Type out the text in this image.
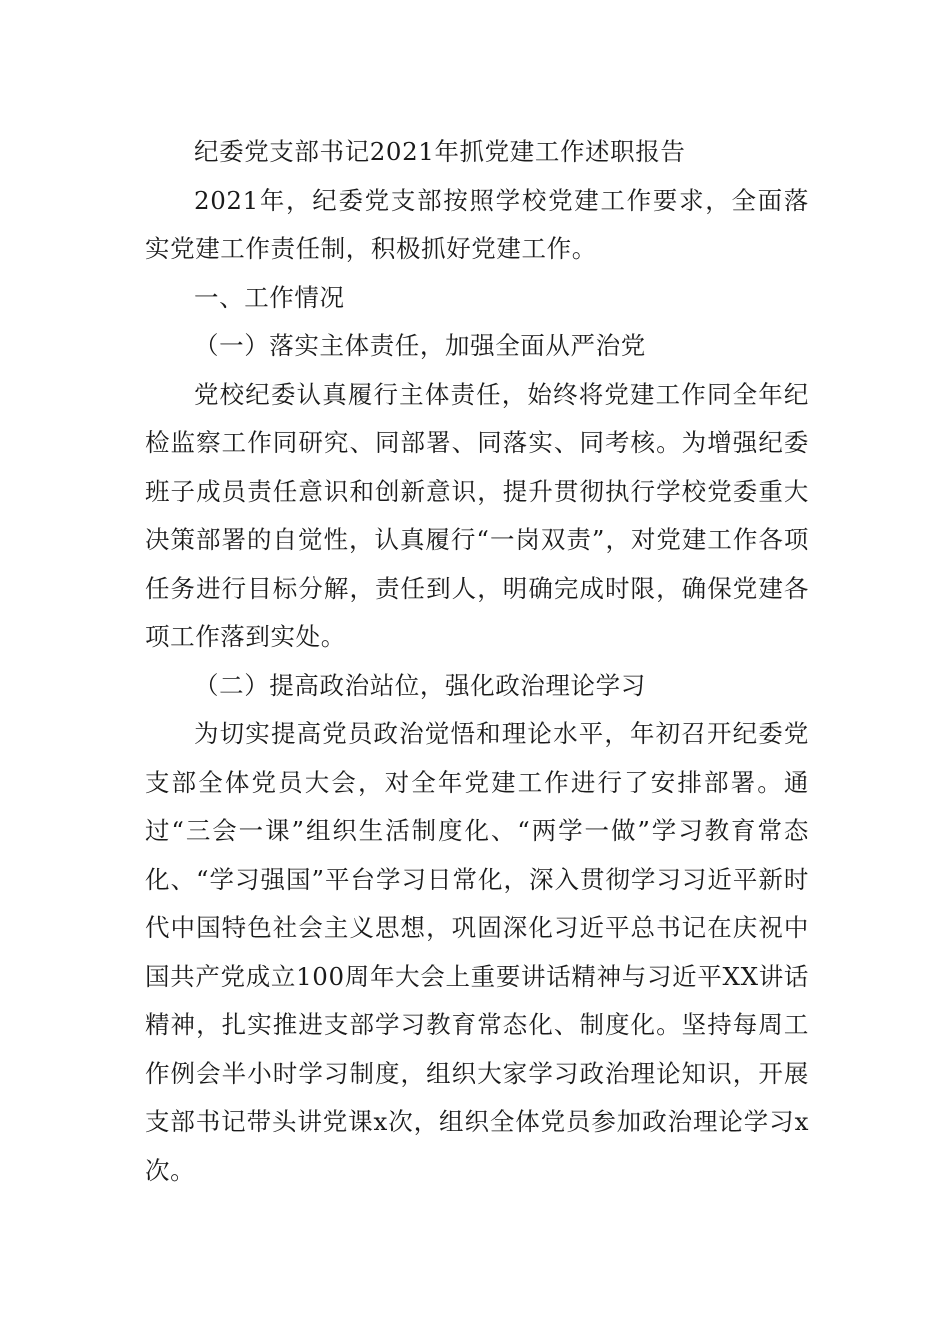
纪委党支部书记2021年抓党建工作述职报告

2021年，纪委党支部按照学校党建工作要求，全面落实党建工作责任制，积极抓好党建工作。

一、工作情况

（一）落实主体责任，加强全面从严治党

党校纪委认真履行主体责任，始终将党建工作同全年纪检监察工作同研究、同部署、同落实、同考核。为增强纪委班子成员责任意识和创新意识，提升贯彻执行学校党委重大决策部署的自觉性，认真履行“一岗双责”，对党建工作各项任务进行目标分解，责任到人，明确完成时限，确保党建各项工作落到实处。

（二）提高政治站位，强化政治理论学习

为切实提高党员政治觉悟和理论水平，年初召开纪委党支部全体党员大会，对全年党建工作进行了安排部署。通过“三会一课”组织生活制度化、“两学一做”学习教育常态化、“学习强国”平台学习日常化，深入贯彻学习习近平新时代中国特色社会主义思想，巩固深化习近平总书记在庆祝中国共产党成立100周年大会上重要讲话精神与习近平XX讲话精神，扎实推进支部学习教育常态化、制度化。坚持每周工作例会半小时学习制度，组织大家学习政治理论知识，开展支部书记带头讲党课x次，组织全体党员参加政治理论学习x次。
